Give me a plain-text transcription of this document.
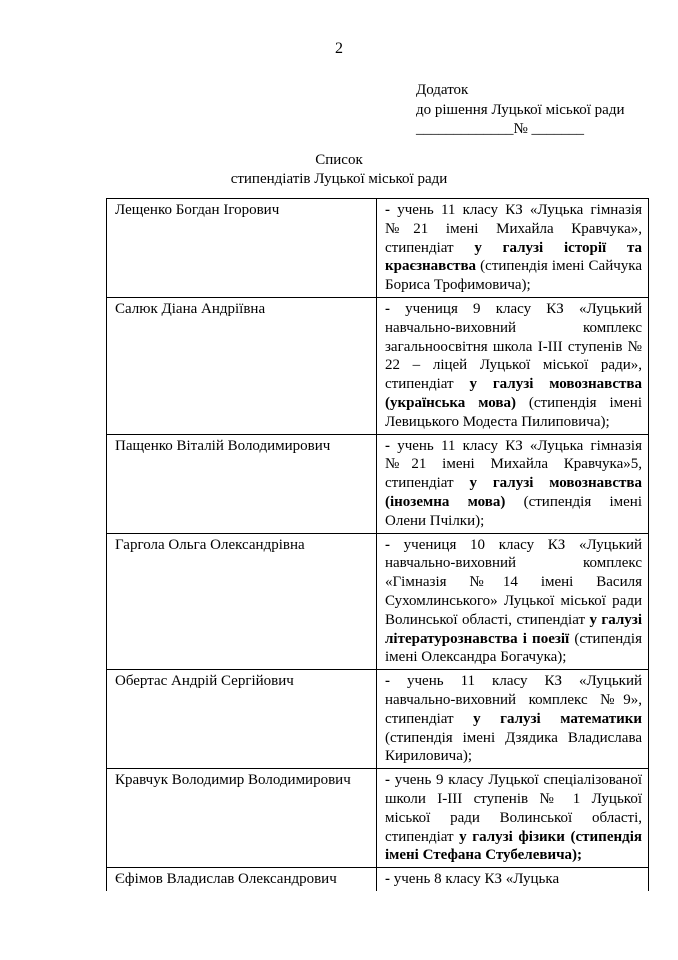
2
Додаток
до рішення Луцької міської ради
_____________№ _______
Список
стипендіатів Луцької міської ради
Лещенко Богдан Ігорович	- учень 11 класу КЗ «Луцька гімназія №21 імені Михайла Кравчука», стипендіат у галузі історії та краєзнавства (стипендія імені Сайчука Бориса Трофимовича);
Салюк Діана Андріївна	- учениця 9 класу КЗ «Луцький навчально-виховний комплекс загальноосвітня школа І-ІІІ ступенів № 22 – ліцей Луцької міської ради», стипендіат у галузі мовознавства (українська мова) (стипендія імені Левицького Модеста Пилиповича);
Пащенко Віталій Володимирович	- учень 11 класу КЗ «Луцька гімназія №21 імені Михайла Кравчука»5, стипендіат у галузі мовознавства (іноземна мова) (стипендія імені Олени Пчілки);
Гаргола Ольга Олександрівна	- учениця 10 класу КЗ «Луцький навчально-виховний комплекс «Гімназія №14 імені Василя Сухомлинського» Луцької міської ради Волинської області, стипендіат у галузі літературознавства і поезії (стипендія імені Олександра Богачука);
Обертас Андрій Сергійович	- учень 11 класу КЗ «Луцький навчально-виховний комплекс №9», стипендіат у галузі математики (стипендія імені Дзядика Владислава Кириловича);
Кравчук Володимир Володимирович	- учень 9 класу Луцької спеціалізованої школи І-ІІІ ступенів № 1 Луцької міської ради Волинської області, стипендіат у галузі фізики (стипендія імені Стефана Стубелевича);
Єфімов Владислав Олександрович	- учень 8 класу КЗ «Луцька
